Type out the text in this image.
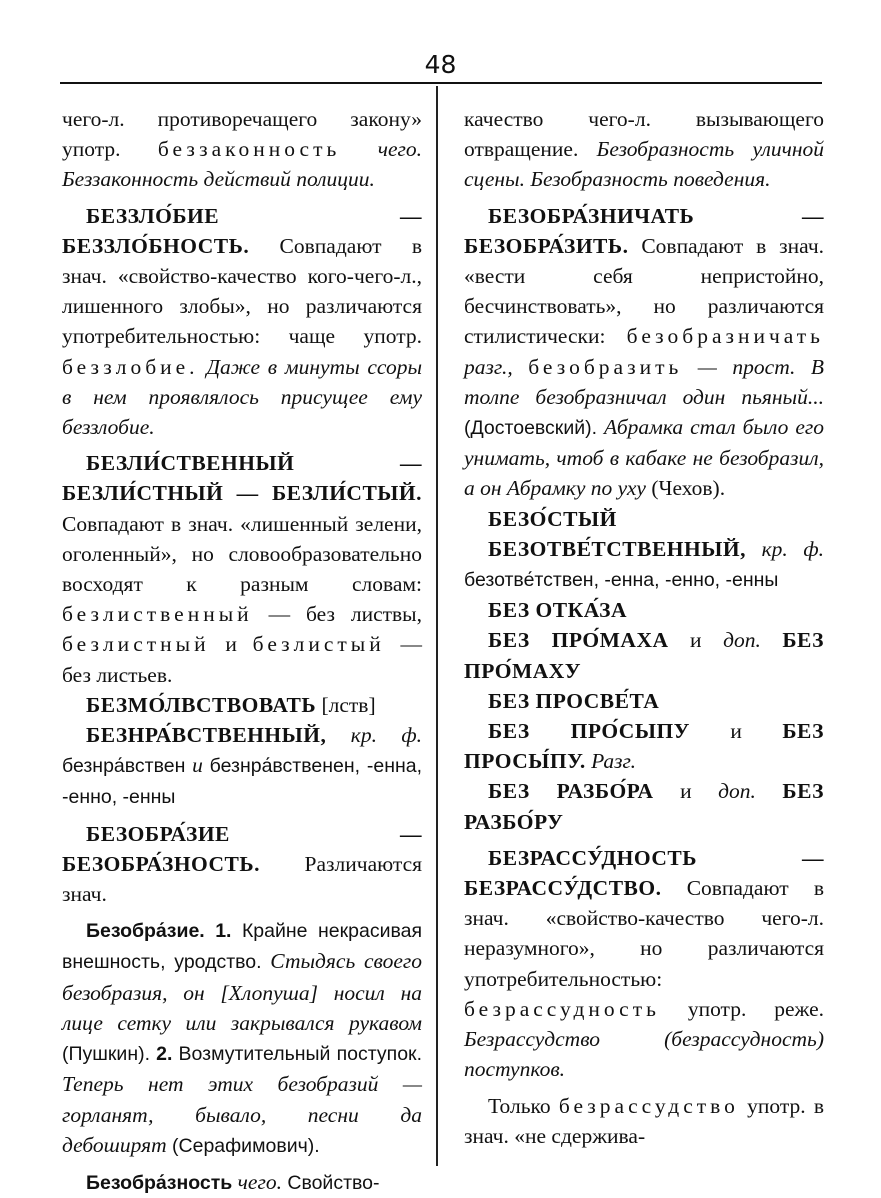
48

чего-л. противоречащего закону» употр. беззаконность чего. Беззаконность действий полиции.

БЕЗЗЛО́БИЕ — БЕЗЗЛО́БНОСТЬ. Совпадают в знач. «свойство-качество кого-чего-л., лишенного злобы», но различаются употребительностью: чаще употр. беззлобие. Даже в минуты ссоры в нем проявлялось присущее ему беззлобие.

БЕЗЛИ́СТВЕННЫЙ — БЕЗЛИ́СТНЫЙ — БЕЗЛИ́СТЫЙ. Совпадают в знач. «лишенный зелени, оголенный», но словообразовательно восходят к разным словам: безлиственный — без листвы, безлистный и безлистый — без листьев.

БЕЗМО́ЛВСТВОВАТЬ [лств]

БЕЗНРА́ВСТВЕННЫЙ, кр. ф. безнра́вствен и безнра́вственен, -енна, -енно, -енны

БЕЗОБРА́ЗИЕ — БЕЗОБРА́ЗНОСТЬ. Различаются знач.

Безобра́зие. 1. Крайне некрасивая внешность, уродство. Стыдясь своего безобразия, он [Хлопуша] носил на лице сетку или закрывался рукавом (Пушкин). 2. Возмутительный поступок. Теперь нет этих безобразий — горланят, бывало, песни да дебоширят (Серафимович).

Безобра́зность чего. Свойство-

качество чего-л. вызывающего отвращение. Безобразность уличной сцены. Безобразность поведения.

БЕЗОБРА́ЗНИЧАТЬ — БЕЗОБРА́ЗИТЬ. Совпадают в знач. «вести себя непристойно, бесчинствовать», но различаются стилистически: безобразничать разг., безобразить — прост. В толпе безобразничал один пьяный... (Достоевский). Абрамка стал было его унимать, чтоб в кабаке не безобразил, а он Абрамку по уху (Чехов).

БЕЗО́СТЫЙ

БЕЗОТВЕ́ТСТВЕННЫЙ, кр. ф. безотве́тствен, -енна, -енно, -енны

БЕЗ ОТКА́ЗА

БЕЗ ПРО́МАХА и доп. БЕЗ ПРО́МАХУ

БЕЗ ПРОСВЕ́ТА

БЕЗ ПРО́СЫПУ и БЕЗ ПРОСЫ́ПУ. Разг.

БЕЗ РАЗБО́РА и доп. БЕЗ РАЗБО́РУ

БЕЗРАССУ́ДНОСТЬ — БЕЗРАССУ́ДСТВО. Совпадают в знач. «свойство-качество чего-л. неразумного», но различаются употребительностью: безрассудность употр. реже. Безрассудство (безрассудность) поступков.

Только безрассудство употр. в знач. «не сдержива-
